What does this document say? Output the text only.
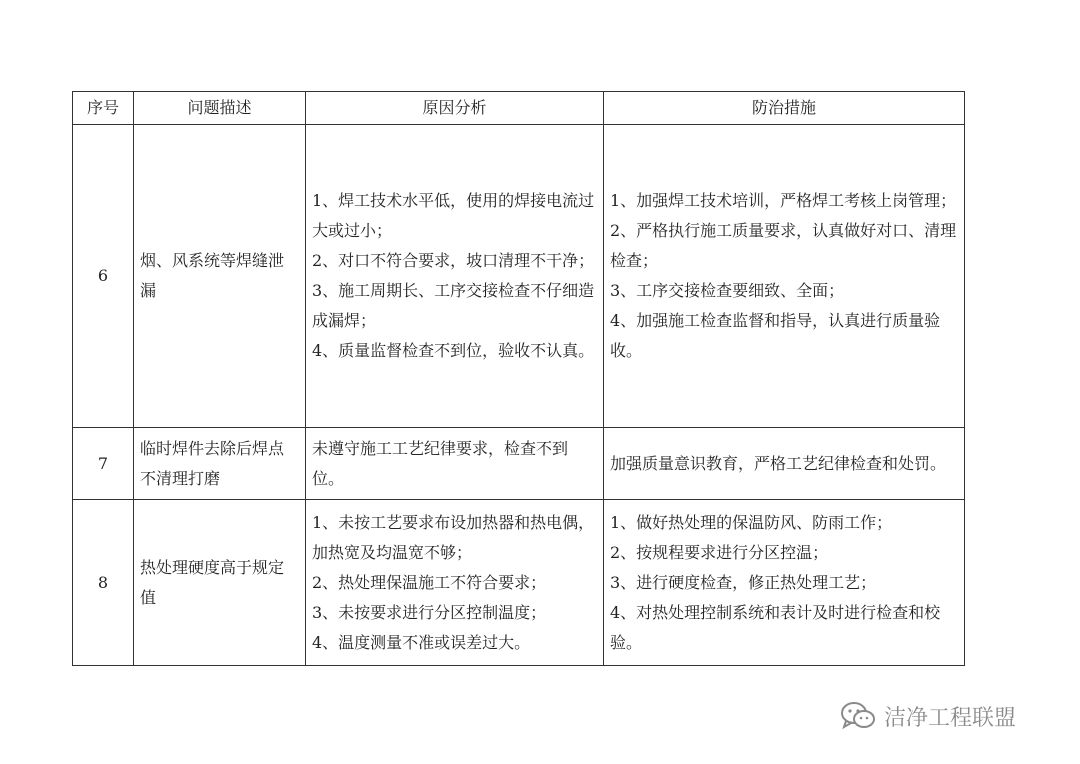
序号	问题描述	原因分析	防治措施
6	烟、风系统等焊缝泄漏	1、焊工技术水平低，使用的焊接电流过大或过小；
2、对口不符合要求，坡口清理不干净；
3、施工周期长、工序交接检查不仔细造成漏焊；
4、质量监督检查不到位，验收不认真。	1、加强焊工技术培训，严格焊工考核上岗管理；
2、严格执行施工质量要求，认真做好对口、清理检查；
3、工序交接检查要细致、全面；
4、加强施工检查监督和指导，认真进行质量验收。

7	临时焊件去除后焊点不清理打磨	未遵守施工工艺纪律要求，检查不到位。	加强质量意识教育，严格工艺纪律检查和处罚。

8	热处理硬度高于规定值	1、未按工艺要求布设加热器和热电偶，加热宽及均温宽不够；
2、热处理保温施工不符合要求；
3、未按要求进行分区控制温度；
4、温度测量不准或误差过大。	1、做好热处理的保温防风、防雨工作；
2、按规程要求进行分区控温；
3、进行硬度检查，修正热处理工艺；
4、对热处理控制系统和表计及时进行检查和校验。
洁净工程联盟
